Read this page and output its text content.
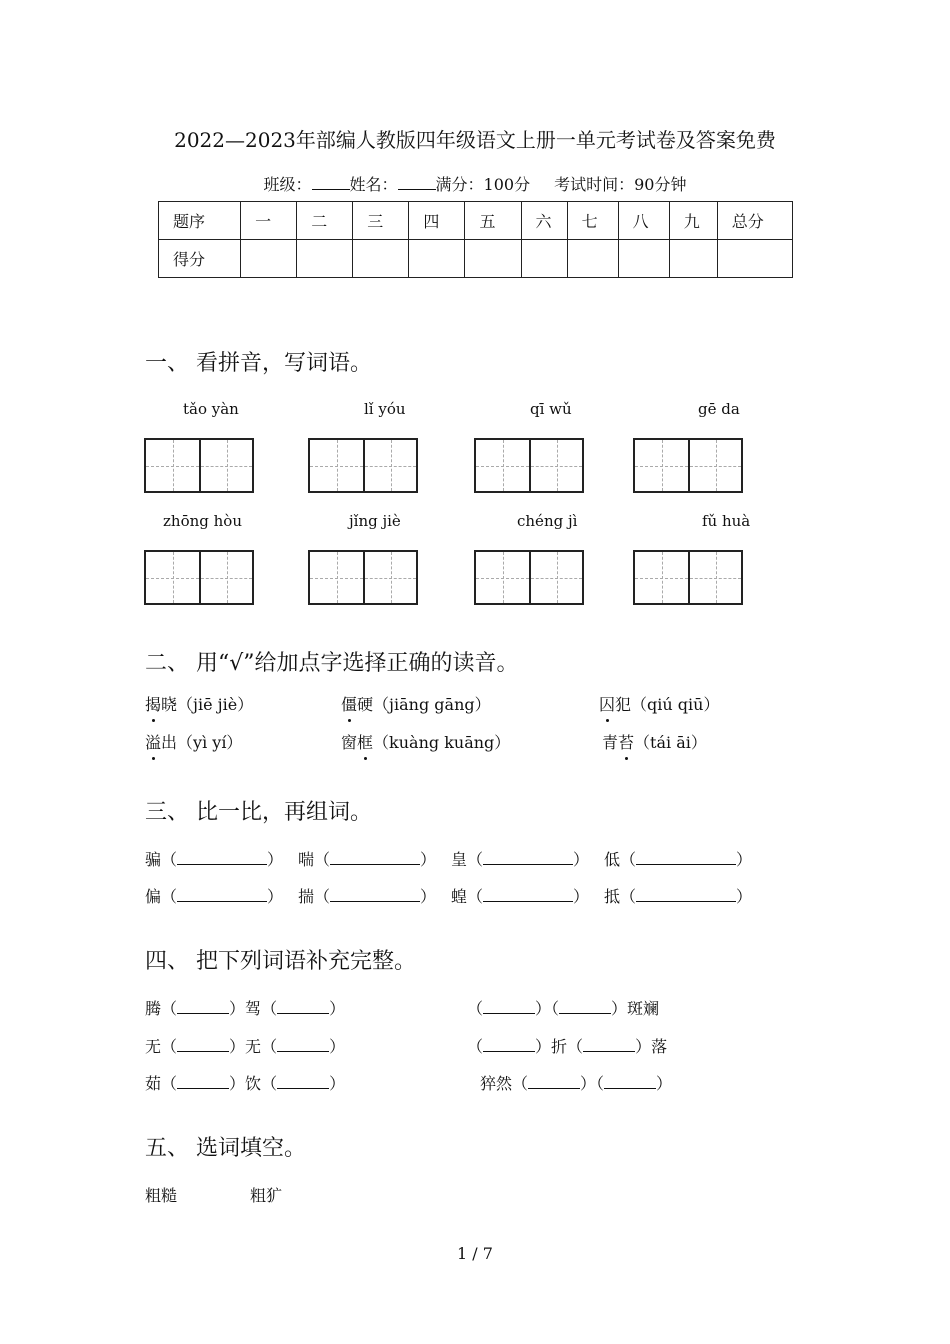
2022—2023年部编人教版四年级语文上册一单元考试卷及答案免费
班级： 姓名： 满分：100分 考试时间：90分钟
题序	一	二	三	四	五	六	七	八	九	总分
得分										
一、 看拼音，写词语。
tǎo yàn	lǐ yóu	qī wǔ	gē da
zhōng hòu	jǐng jiè	chéng jì	fǔ huà
二、 用“√”给加点字选择正确的读音。
揭晓（jiē jiè）	僵硬（jiāng gāng）	囚犯（qiú qiū）
溢出（yì yí）	窗框（kuàng kuāng）	青苔（tái āi）
三、 比一比，再组词。
骗（	） 喘（	） 皇（	） 低（	）
偏（	） 揣（	） 蝗（	） 抵（	）
四、 把下列词语补充完整。
腾（	）驾（	）	（	）（	）斑斓
无（	）无（	）	（	）折（	）落
茹（	）饮（	）	猝然（	）（	）
五、 选词填空。
粗糙	粗犷
1 / 7
